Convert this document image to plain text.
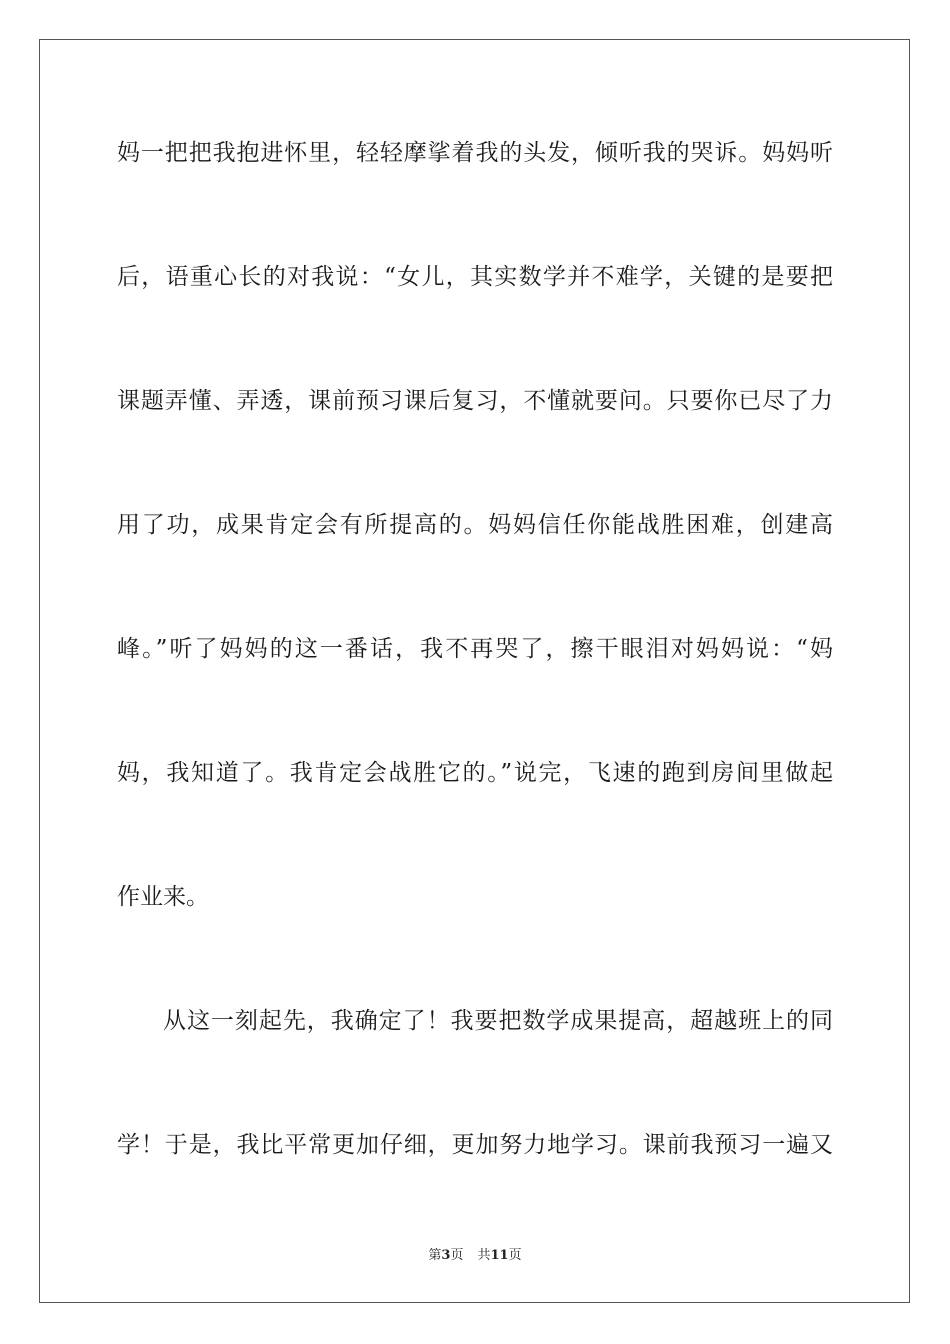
妈一把把我抱进怀里，轻轻摩挲着我的头发，倾听我的哭诉。妈妈听
后，语重心长的对我说：“女儿，其实数学并不难学，关键的是要把
课题弄懂、弄透，课前预习课后复习，不懂就要问。只要你已尽了力
用了功，成果肯定会有所提高的。妈妈信任你能战胜困难，创建高
峰。”听了妈妈的这一番话，我不再哭了，擦干眼泪对妈妈说：“妈
妈，我知道了。我肯定会战胜它的。”说完，飞速的跑到房间里做起
作业来。
从这一刻起先，我确定了！我要把数学成果提高，超越班上的同
学！于是，我比平常更加仔细，更加努力地学习。课前我预习一遍又
第3页 共11页
